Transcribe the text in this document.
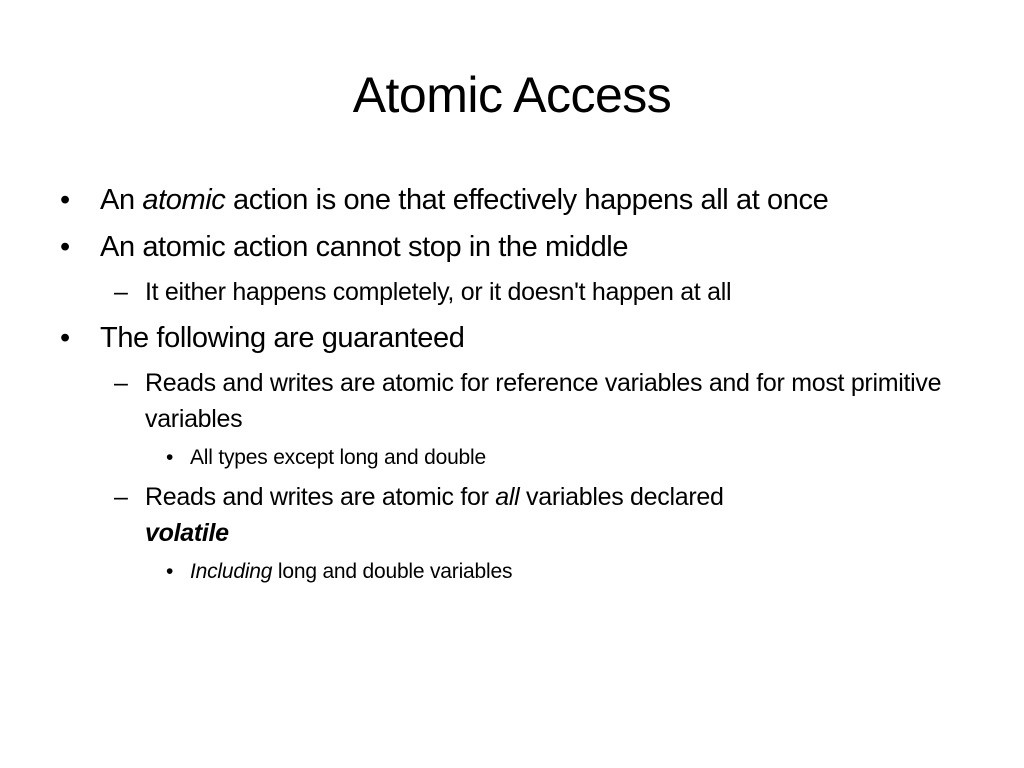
Atomic Access
• An atomic action is one that effectively happens all at once
• An atomic action cannot stop in the middle
– It either happens completely, or it doesn't happen at all
• The following are guaranteed
– Reads and writes are atomic for reference variables and for most primitive variables
• All types except long and double
– Reads and writes are atomic for all variables declared volatile
• Including long and double variables
